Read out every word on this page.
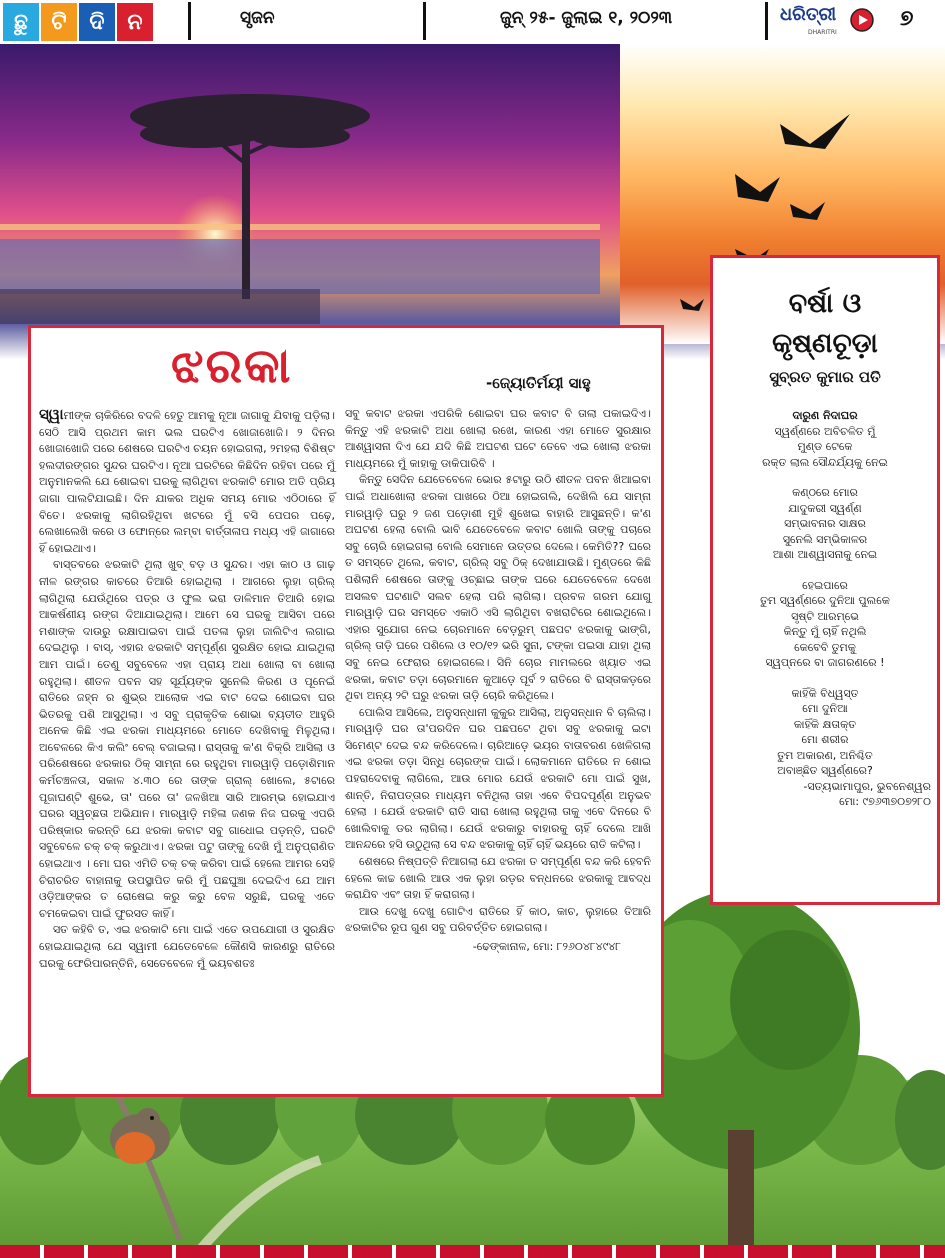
ଛୁ	ଟି	ଦି	ନ	ସୃଜନ	ଜୁନ୍ ୨୫- ଜୁଲାଇ ୧, ୨୦୨୩	ଧରିତ୍ରୀ
DHARITRI
୭
ଝରକା	-ଜ୍ୟୋତିର୍ମୟୀ ସାହୁ

ସ୍ୱାମୀଙ୍କ ଚାକିରିରେ ବଦଳି ହେତୁ ଆମକୁ ନୂଆ ଜାଗାକୁ ଯିବାକୁ ପଡ଼ିଲା। ସେଠି ଆସି ପ୍ରଥମ କାମ ଭଲ ଘରଟିଏ ଖୋଜାଖୋଜି। ୨ ଦିନର ଖୋଜାଖୋଜି ପରେ ଶେଷରେ ଘରଟିଏ ଚୟନ ହୋଇଗଲା, ୨ମହଲା ବିଶିଷ୍ଟ ହଲଦୀରଙ୍ଗର ସୁନ୍ଦର ଘରଟିଏ। ନୂଆ ଘରଟିରେ କିଛିଦିନ ରହିବା ପରେ ମୁଁ ଅନୁମାନକଲି ଯେ ଶୋଇବା ଘରକୁ ଲାଗିଥିବା ଝରକାଟି ମୋର ଅତି ପ୍ରିୟ ଜାଗା ପାଲଟିଯାଇଛି। ଦିନ ଯାକର ଅଧିକ ସମୟ ମୋର ଏଠିଠାରେ ହିଁ ବିତେ। ଝରକାକୁ ଲାଗିରହିଥିବା ଖଟରେ ମୁଁ ବସି ପେପର ପଢ଼େ, ଲେଖାଲେଖି କରେ ଓ ଫୋନ୍‌ରେ ଲମ୍ବା ବାର୍ତ୍ତାଳାପ ମଧ୍ୟ ଏହି ଜାଗାରେ ହିଁ ହୋଇଥାଏ।

ବାସ୍ତବରେ ଝରକାଟି ଥିଲା ଖୁବ୍ ବଡ଼ ଓ ସୁନ୍ଦର। ଏହା କାଠ ଓ ଗାଢ଼ ନୀଳ ରଙ୍ଗର କାଚରେ ତିଆରି ହୋଇଥିଲା । ଆଗରେ ଲୁହା ଗ୍ରିଲ୍ ଲାଗିଥିଲା ଯେଉଁଥିରେ ପତ୍ର ଓ ଫୁଲ ଭରା ଡାଳିମାନ ତିଆରି ହୋଇ ଆକର୍ଷଣୀୟ ରଙ୍ଗ ଦିଆଯାଇଥିଲା। ଆମେ ସେ ଘରକୁ ଆସିବା ପରେ ମଶାଙ୍କ ଦାଉରୁ ରକ୍ଷାପାଇବା ପାଇଁ ପତଳା ଲୁହା ଜାଲିଟିଏ ଲଗାଇ ଦେଇଥିଲୁ । ବାସ୍, ଏହାର ଝରକାଟି ସମ୍ପୂର୍ଣ୍ଣ ସୁରକ୍ଷିତ ହୋଇ ଯାଇଥିଲା ଆମ ପାଇଁ। ତେଣୁ ସବୁବେଳେ ଏହା ପ୍ରାୟ ଅଧା ଖୋଲା ବା ଖୋଲା ରହୁଥିଲା। ଶୀତଳ ପବନ ସହ ସୂର୍ଯ୍ୟଙ୍କ ସୁନେଲି କିରଣ ଓ ପୂନେଇଁ ରାତିରେ ଜହ୍ନ ର ଶୁଭ୍ର ଆଲୋକ ଏଇ ବାଟ ଦେଇ ଶୋଇବା ଘର ଭିତରକୁ ପଶି ଆସୁଥିଲା। ଏ ସବୁ ପ୍ରାକୃତିକ ଶୋଭା ବ୍ୟତୀତ ଆହୁରି ଅନେକ କିଛି ଏଇ ଝରକା ମାଧ୍ୟମରେ ମୋତେ ଦେଖିବାକୁ ମିଳୁଥିଲା। ଅବେଳରେ କିଏ କଲିଂ ବେଲ୍ ବଜାଇଲା। ରାସ୍ତାକୁ କ'ଣ ବିକ୍ରି ଆସିଲା ଓ ପରିଶେଷରେ ଝରକାର ଠିକ୍ ସାମ୍ନା ରେ ରହୁଥିବା ମାରୱାଡ଼ି ପଡ଼ୋଶିମାନ କର୍ମଚଞ୍ଚଳତା, ସକାଳ ୪.୩୦ ରେ ତାଙ୍କ ଗ୍ରାଲ୍ ଖୋଲେ, ୫ଟାରେ ପୂଜାଘଣ୍ଟି ଶୁଭେ, ତା' ପରେ ତା' ଜଳଖିଆ ସାରି ଆରମ୍ଭ ହୋଇଯାଏ ଘରର ସ୍ୱଚ୍ଛତା ଅଭିଯାନ। ମାରୱାଡ଼ି ମହିଳା ଜଣକ ନିଜ ଘରକୁ ଏପରି ପରିଷ୍କାର କରନ୍ତି ଯେ ଝରକା କବାଟ ସବୁ ଗାଧୋଇ ପଡ଼ନ୍ତି, ଘରଟି ସବୁବେଳେ ଚକ୍ ଚକ୍ କରୁଥାଏ। ଝରକା ପଟୁ ତାଙ୍କୁ ଦେଖି ମୁଁ ଅନୁପ୍ରାଣିତ ହୋଇଥାଏ । ମୋ ଘର ଏମିତି ଚକ୍ ଚକ୍ କରିବା ପାଇଁ ହେଲେ ଆମର ସେହି ଚିରାଚରିତ ବାହାନାକୁ ଉପସ୍ଥାପିତ କରି ମୁଁ ପଛଘୁଞ୍ଚା ଦେଇଦିଏ ଯେ ଆମ ଓଡ଼ିଆଙ୍କର ତ ରୋଷେଇ କରୁ କରୁ ବେଳ ସରୁଛି, ଘରକୁ ଏତେ ଚମକେଇବା ପାଇଁ ଫୁରସତ କାହିଁ।

ସତ କହିବି ତ, ଏଇ ଝରକାଟି ମୋ ପାଇଁ ଏତେ ଉପଯୋଗୀ ଓ ସୁରକ୍ଷିତ ହୋଇଯାଇଥିଲା ଯେ ସ୍ୱାମୀ ଯେତେବେଳେ କୌଣସି କାରଣରୁ ରାତିରେ ଘରକୁ ଫେରିପାରନ୍ତିନି, ସେତେବେଳେ ମୁଁ ଭୟବଶତଃ

ସବୁ କବାଟ ଝରକା ଏପରିକି ଶୋଇବା ଘର କବାଟ ବି ତାଲା ପକାଇଦିଏ। କିନ୍ତୁ ଏହି ଝରକାଟି ଅଧା ଖୋଲା ରଖେ, କାରଣ ଏହା ମୋତେ ସୁରକ୍ଷାର ଆଶ୍ୱାସନା ଦିଏ ଯେ ଯଦି କିଛି ଅଘଟଣ ଘଟେ ତେବେ ଏଇ ଖୋଲା ଝରକା ମାଧ୍ୟମରେ ମୁଁ କାହାକୁ ଡାକିପାରିବି ।

କିନ୍ତୁ ସେଦିନ ଯେତେବେଳେ ଭୋର ୫ଟାରୁ ଉଠି ଶୀତଳ ପବନ ଖିଆଇବା ପାଇଁ ଅଧାଖୋଲା ଝରକା ପାଖରେ ଠିଆ ହୋଇଗଲି, ଦେଖିଲି ଯେ ସାମ୍ନା ମାରୱାଡ଼ି ଘରୁ ୨ ଜଣ ପଡ଼ୋଶୀ ମୁହଁ ଶୁଖେଇ ବାହାରି ଆସୁଛନ୍ତି। କ'ଣ ଅଘଟଣ ହେଲା ବୋଲି ଭାବି ଯେତେବେଳେ କବାଟ ଖୋଲି ତାଙ୍କୁ ପଚାରେ ସବୁ ଚୋରି ହୋଇଗଲା ବୋଲି ସେମାନେ ଉତ୍ତର ଦେଲେ। କେମିତି?? ଘରେ ତ ସମସ୍ତେ ଥିଲେ, କବାଟ, ଗ୍ରିଲ୍ ସବୁ ଠିକ୍ ଦେଖାଯାଉଛି। ମୁଣ୍ଡରେ କିଛି ପଶିଲାନି ଶେଷରେ ତାଙ୍କୁ ଓଚ୍ଛାଇ ତାଙ୍କ ଘରେ ଯେତେବେଳେ ଦେଖେ ଅସଲବ ଘଟଣାଟି ସଲବ ହେଲା ପରି ଲାଗିଲା। ପ୍ରବଳ ଗରମ ଯୋଗୁ ମାରୱାଡ଼ି ଘର ସମସ୍ତେ ଏକାଠି ଏସି ଲାଗିଥିବା ବଖରାଟିରେ ଶୋଇଥିଲେ। ଏହାର ସୁଯୋଗ ନେଇ ଚୋରମାନେ ବେଡ଼ରୁମ୍ ପଛପଟ ଝରକାକୁ ଭାଙ୍ଗି, ଗ୍ରିଲ୍ ତାଡ଼ି ଘରେ ପଶିଲେ ଓ ୧୦/୧୨ ଭରି ସୁନା, ଟଙ୍କା ପଇସା ଯାହା ଥିଲା ସବୁ ନେଇ ଫେରାର ହୋଇଗଲେ। ସିନି ଚୋର ମାମଲରେ ଖ୍ୟାତ ଏଇ ଝରକା, କବାଟ ତଡ଼ା ଚୋରମାନେ କୁଆଡ଼େ ପୂର୍ବ ୨ ରାତିରେ ବି ରାସ୍ତାକଡ଼ରେ ଥିବା ଅନ୍ୟ ୨ଟି ଘରୁ ଝରକା ତାଡ଼ି ଚୋରି କରିଥିଲେ।

ପୋଲିସ ଆସିଲେ, ଅନୁସନ୍ଧାନୀ କୁକୁର ଆସିଲା, ଅନୁସନ୍ଧାନ ବି ଚାଲିଲା। ମାରୱାଡ଼ି ଘର ତା'ପରଦିନ ଘର ପଛପଟେ ଥିବା ସବୁ ଝରକାକୁ ଇଟା ସିମେଣ୍ଟ ଦେଇ ବନ୍ଦ କରିଦେଲେ। ଚାରିଆଡ଼େ ଭୟର ବାତାବରଣ ଖେଳିଗଲା ଏଇ ଝରକା ତଡ଼ା ସିନ୍ଧି ଚୋରଙ୍କ ପାଇଁ। ଲୋକମାନେ ରାତିରେ ନ ଶୋଇ ପହରାଦେବାକୁ ଲାଗିଲେ, ଆଉ ମୋର ଯେଉଁ ଝରକାଟି ମୋ ପାଇଁ ସୁଖ, ଶାନ୍ତି, ନିରାପତ୍ତାର ମାଧ୍ୟମ ବନିଥିଲା ତାହା ଏବେ ବିପଦପୂର୍ଣ୍ଣ ଅନୁଭବ ହେଲା । ଯେଉଁ ଝରକାଟି ରାତି ସାରା ଖୋଲା ରହୁଥିଲା ତାକୁ ଏବେ ଦିନରେ ବି ଖୋଲିବାକୁ ଡର ଲାଗିଲା। ଯେଉଁ ଝରକାରୁ ବାହାରକୁ ଚାହିଁ ଦେଲେ ଆଖି ଆନନ୍ଦରେ ହସି ଉଠୁଥିଲା ସେ ବନ୍ଦ ଝରକାକୁ ଚାହିଁ ଚାହିଁ ଭୟରେ ରାତି କଟିଲା।

ଶେଷରେ ନିଷ୍ପତ୍ତି ନିଆଗଲା ଯେ ଝରକା ତ ସମ୍ପୂର୍ଣ୍ଣ ବନ୍ଦ କରି ହେବନି ହେଲେ କାଚ୍ଚ ଖୋଲି ଆଉ ଏକ ଲୁହା ରଡ଼ର ବନ୍ଧନରେ ଝରକାକୁ ଆବଦ୍ଧ କରାଯିବ ଏବଂ ତାହା ହିଁ କରାଗଲା।

ଆଉ ଦେଖୁ ଦେଖୁ ଗୋଟିଏ ରାତିରେ ହିଁ କାଠ, କାଚ, ଲୁହାରେ ତିଆରି ଝରକାଟିର ରୂପ ଗୁଣ ସବୁ ପରିବର୍ତ୍ତିତ ହୋଇଗଲା।

-ଢେଙ୍କାନାଳ, ମୋ: ୮୨୬୦୪୮୪୯୪୮
ବର୍ଷା ଓ
କୃଷ୍ଣଚୂଡ଼ା
ସୁବ୍ରତ କୁମାର ପତି
ଦାରୁଣ ନିଦାଘର
ସ୍ୱର୍ଣ୍ଣରେ ଅବିଚଳିତ ମୁଁ
ମୁଣ୍ଡ ଟେକେ
ରକ୍ତ ଲାଲ ସୌନ୍ଦର୍ଯ୍ୟକୁ ନେଇ
କଣ୍ଠରେ ମୋର
ଯାଦୁକରୀ ସ୍ୱର୍ଣ୍ଣ
ସମ୍ଭାବନାର ସାକ୍ଷର
ସୁନେଲି ସମ୍ଭିକାଳର
ଆଶା ଆଶ୍ୱାସନାକୁ ନେଇ
ହେଇପାରେ
ତୁମ ସ୍ୱର୍ଣ୍ଣରେ ଦୁନିଆ ପୁଲକେ
ସୃଷ୍ଟି ଆରମ୍ଭେ
କିନ୍ତୁ ମୁଁ ଚାହିଁ ନଥିଲି
କେବେବି ତୁମକୁ
ସ୍ୱପ୍ନରେ ବା ଜାଗରଣରେ !
କାହିଁକି ବିଧ୍ୱସ୍ତ
ମୋ ଦୁନିଆ
କାହିଁକି କ୍ଷତାକ୍ତ
ମୋ ଶରୀର
ତୁମ ଅକାରଣ, ଅନିଶ୍ଚିତ
ଅବାଞ୍ଛିତ ସ୍ୱର୍ଣ୍ଣରେ?
-ସତ୍ୟଭାମାପୁର, ଭୁବନେଶ୍ୱର
ମୋ: ୯୭୬୩୭୦୭୨୮୦
